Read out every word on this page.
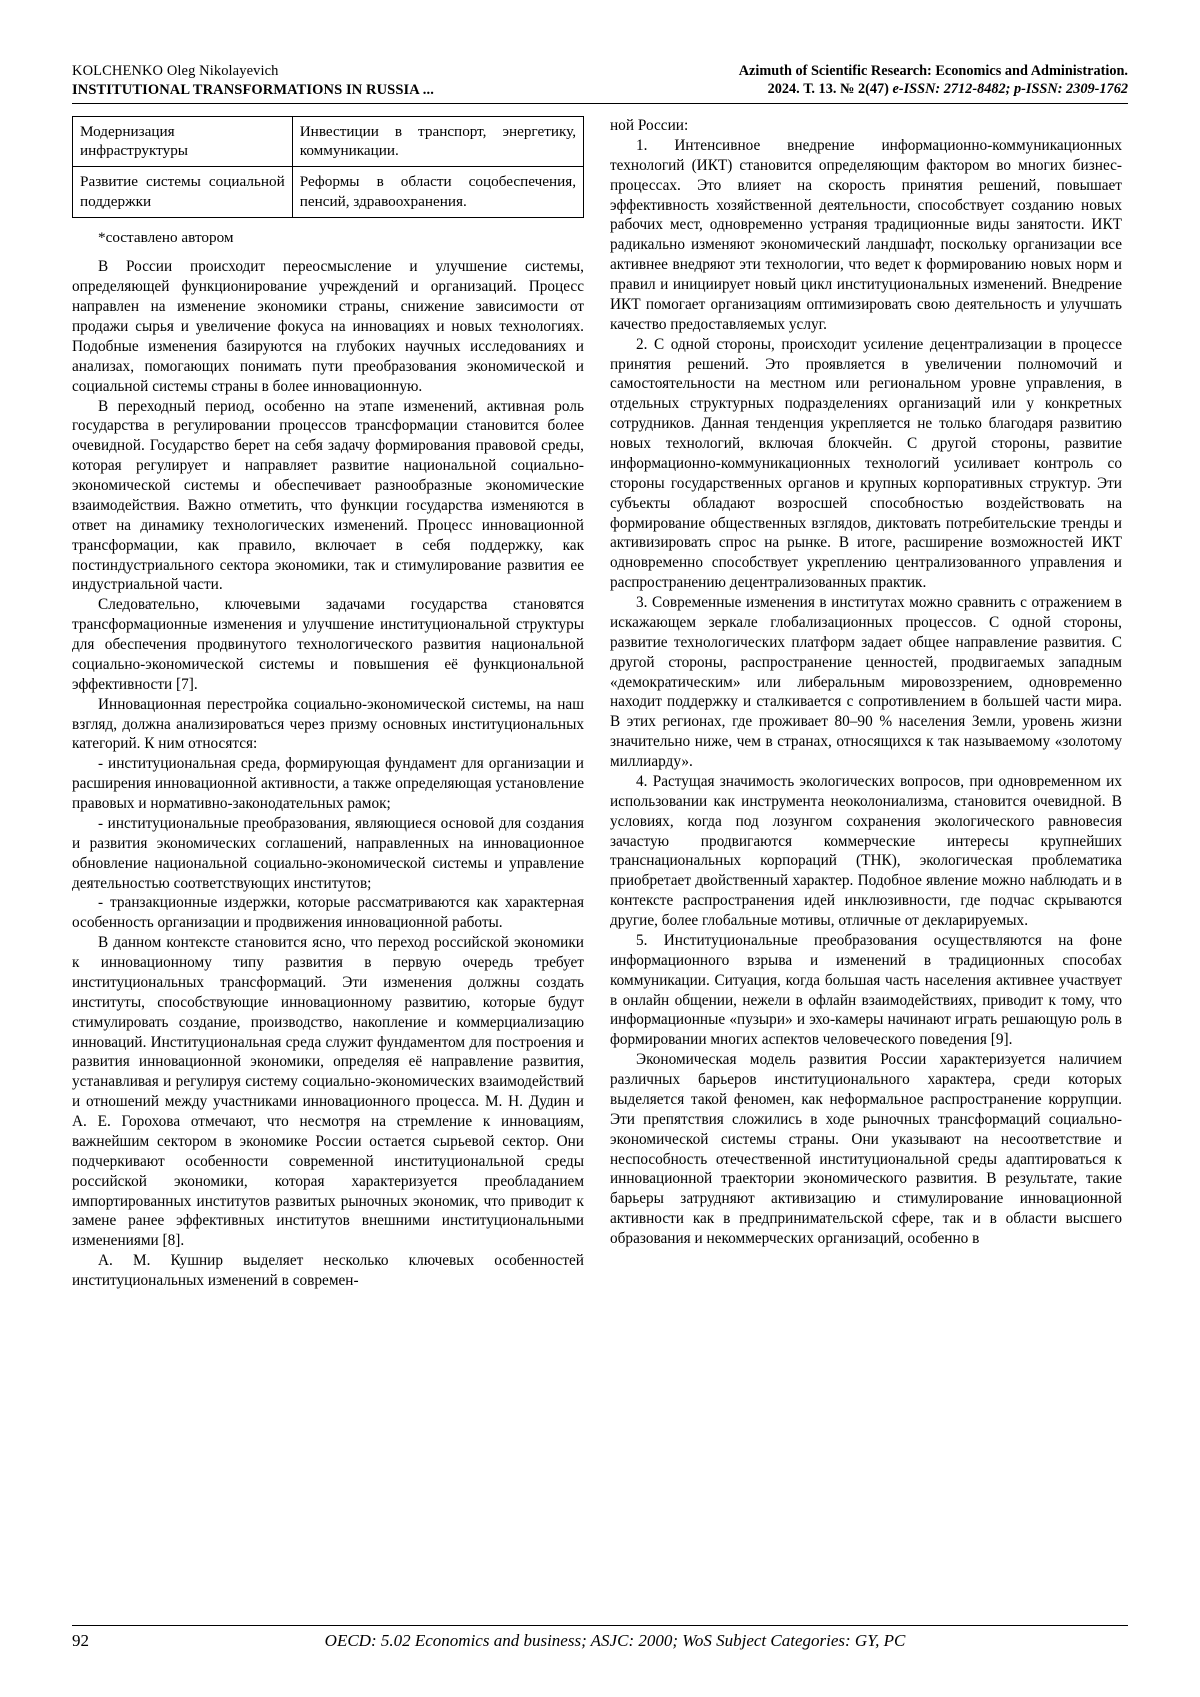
KOLCHENKO Oleg Nikolayevich
INSTITUTIONAL TRANSFORMATIONS IN RUSSIA ...
Azimuth of Scientific Research: Economics and Administration.
2024. Т. 13. № 2(47) e-ISSN: 2712-8482; p-ISSN: 2309-1762
Модернизация инфраструктуры	Инвестиции в транспорт, энергетику, коммуникации.
Развитие системы социальной поддержки	Реформы в области соцобеспечения, пенсий, здравоохранения.
*составлено автором

В России происходит переосмысление и улучшение системы, определяющей функционирование учреждений и организаций. Процесс направлен на изменение экономики страны, снижение зависимости от продажи сырья и увеличение фокуса на инновациях и новых технологиях. Подобные изменения базируются на глубоких научных исследованиях и анализах, помогающих понимать пути преобразования экономической и социальной системы страны в более инновационную.

В переходный период, особенно на этапе изменений, активная роль государства в регулировании процессов трансформации становится более очевидной. Государство берет на себя задачу формирования правовой среды, которая регулирует и направляет развитие национальной социально-экономической системы и обеспечивает разнообразные экономические взаимодействия. Важно отметить, что функции государства изменяются в ответ на динамику технологических изменений. Процесс инновационной трансформации, как правило, включает в себя поддержку, как постиндустриального сектора экономики, так и стимулирование развития ее индустриальной части.

Следовательно, ключевыми задачами государства становятся трансформационные изменения и улучшение институциональной структуры для обеспечения продвинутого технологического развития национальной социально-экономической системы и повышения её функциональной эффективности [7].

Инновационная перестройка социально-экономической системы, на наш взгляд, должна анализироваться через призму основных институциональных категорий. К ним относятся:

- институциональная среда, формирующая фундамент для организации и расширения инновационной активности, а также определяющая установление правовых и нормативно-законодательных рамок;

- институциональные преобразования, являющиеся основой для создания и развития экономических соглашений, направленных на инновационное обновление национальной социально-экономической системы и управление деятельностью соответствующих институтов;

- транзакционные издержки, которые рассматриваются как характерная особенность организации и продвижения инновационной работы.

В данном контексте становится ясно, что переход российской экономики к инновационному типу развития в первую очередь требует институциональных трансформаций. Эти изменения должны создать институты, способствующие инновационному развитию, которые будут стимулировать создание, производство, накопление и коммерциализацию инноваций. Институциональная среда служит фундаментом для построения и развития инновационной экономики, определяя её направление развития, устанавливая и регулируя систему социально-экономических взаимодействий и отношений между участниками инновационного процесса. М. Н. Дудин и А. Е. Горохова отмечают, что несмотря на стремление к инновациям, важнейшим сектором в экономике России остается сырьевой сектор. Они подчеркивают особенности современной институциональной среды российской экономики, которая характеризуется преобладанием импортированных институтов развитых рыночных экономик, что приводит к замене ранее эффективных институтов внешними институциональными изменениями [8].

А. М. Кушнир выделяет несколько ключевых особенностей институциональных изменений в современ-

ной России:

1. Интенсивное внедрение информационно-коммуникационных технологий (ИКТ) становится определяющим фактором во многих бизнес-процессах. Это влияет на скорость принятия решений, повышает эффективность хозяйственной деятельности, способствует созданию новых рабочих мест, одновременно устраняя традиционные виды занятости. ИКТ радикально изменяют экономический ландшафт, поскольку организации все активнее внедряют эти технологии, что ведет к формированию новых норм и правил и инициирует новый цикл институциональных изменений. Внедрение ИКТ помогает организациям оптимизировать свою деятельность и улучшать качество предоставляемых услуг.

2. С одной стороны, происходит усиление децентрализации в процессе принятия решений. Это проявляется в увеличении полномочий и самостоятельности на местном или региональном уровне управления, в отдельных структурных подразделениях организаций или у конкретных сотрудников. Данная тенденция укрепляется не только благодаря развитию новых технологий, включая блокчейн. С другой стороны, развитие информационно-коммуникационных технологий усиливает контроль со стороны государственных органов и крупных корпоративных структур. Эти субъекты обладают возросшей способностью воздействовать на формирование общественных взглядов, диктовать потребительские тренды и активизировать спрос на рынке. В итоге, расширение возможностей ИКТ одновременно способствует укреплению централизованного управления и распространению децентрализованных практик.

3. Современные изменения в институтах можно сравнить с отражением в искажающем зеркале глобализационных процессов. С одной стороны, развитие технологических платформ задает общее направление развития. С другой стороны, распространение ценностей, продвигаемых западным «демократическим» или либеральным мировоззрением, одновременно находит поддержку и сталкивается с сопротивлением в большей части мира. В этих регионах, где проживает 80–90 % населения Земли, уровень жизни значительно ниже, чем в странах, относящихся к так называемому «золотому миллиарду».

4. Растущая значимость экологических вопросов, при одновременном их использовании как инструмента неоколониализма, становится очевидной. В условиях, когда под лозунгом сохранения экологического равновесия зачастую продвигаются коммерческие интересы крупнейших транснациональных корпораций (ТНК), экологическая проблематика приобретает двойственный характер. Подобное явление можно наблюдать и в контексте распространения идей инклюзивности, где подчас скрываются другие, более глобальные мотивы, отличные от декларируемых.

5. Институциональные преобразования осуществляются на фоне информационного взрыва и изменений в традиционных способах коммуникации. Ситуация, когда большая часть населения активнее участвует в онлайн общении, нежели в офлайн взаимодействиях, приводит к тому, что информационные «пузыри» и эхо-камеры начинают играть решающую роль в формировании многих аспектов человеческого поведения [9].

Экономическая модель развития России характеризуется наличием различных барьеров институционального характера, среди которых выделяется такой феномен, как неформальное распространение коррупции. Эти препятствия сложились в ходе рыночных трансформаций социально-экономической системы страны. Они указывают на несоответствие и неспособность отечественной институциональной среды адаптироваться к инновационной траектории экономического развития. В результате, такие барьеры затрудняют активизацию и стимулирование инновационной активности как в предпринимательской сфере, так и в области высшего образования и некоммерческих организаций, особенно в

92	OECD: 5.02 Economics and business; ASJC: 2000; WoS Subject Categories: GY, PC
